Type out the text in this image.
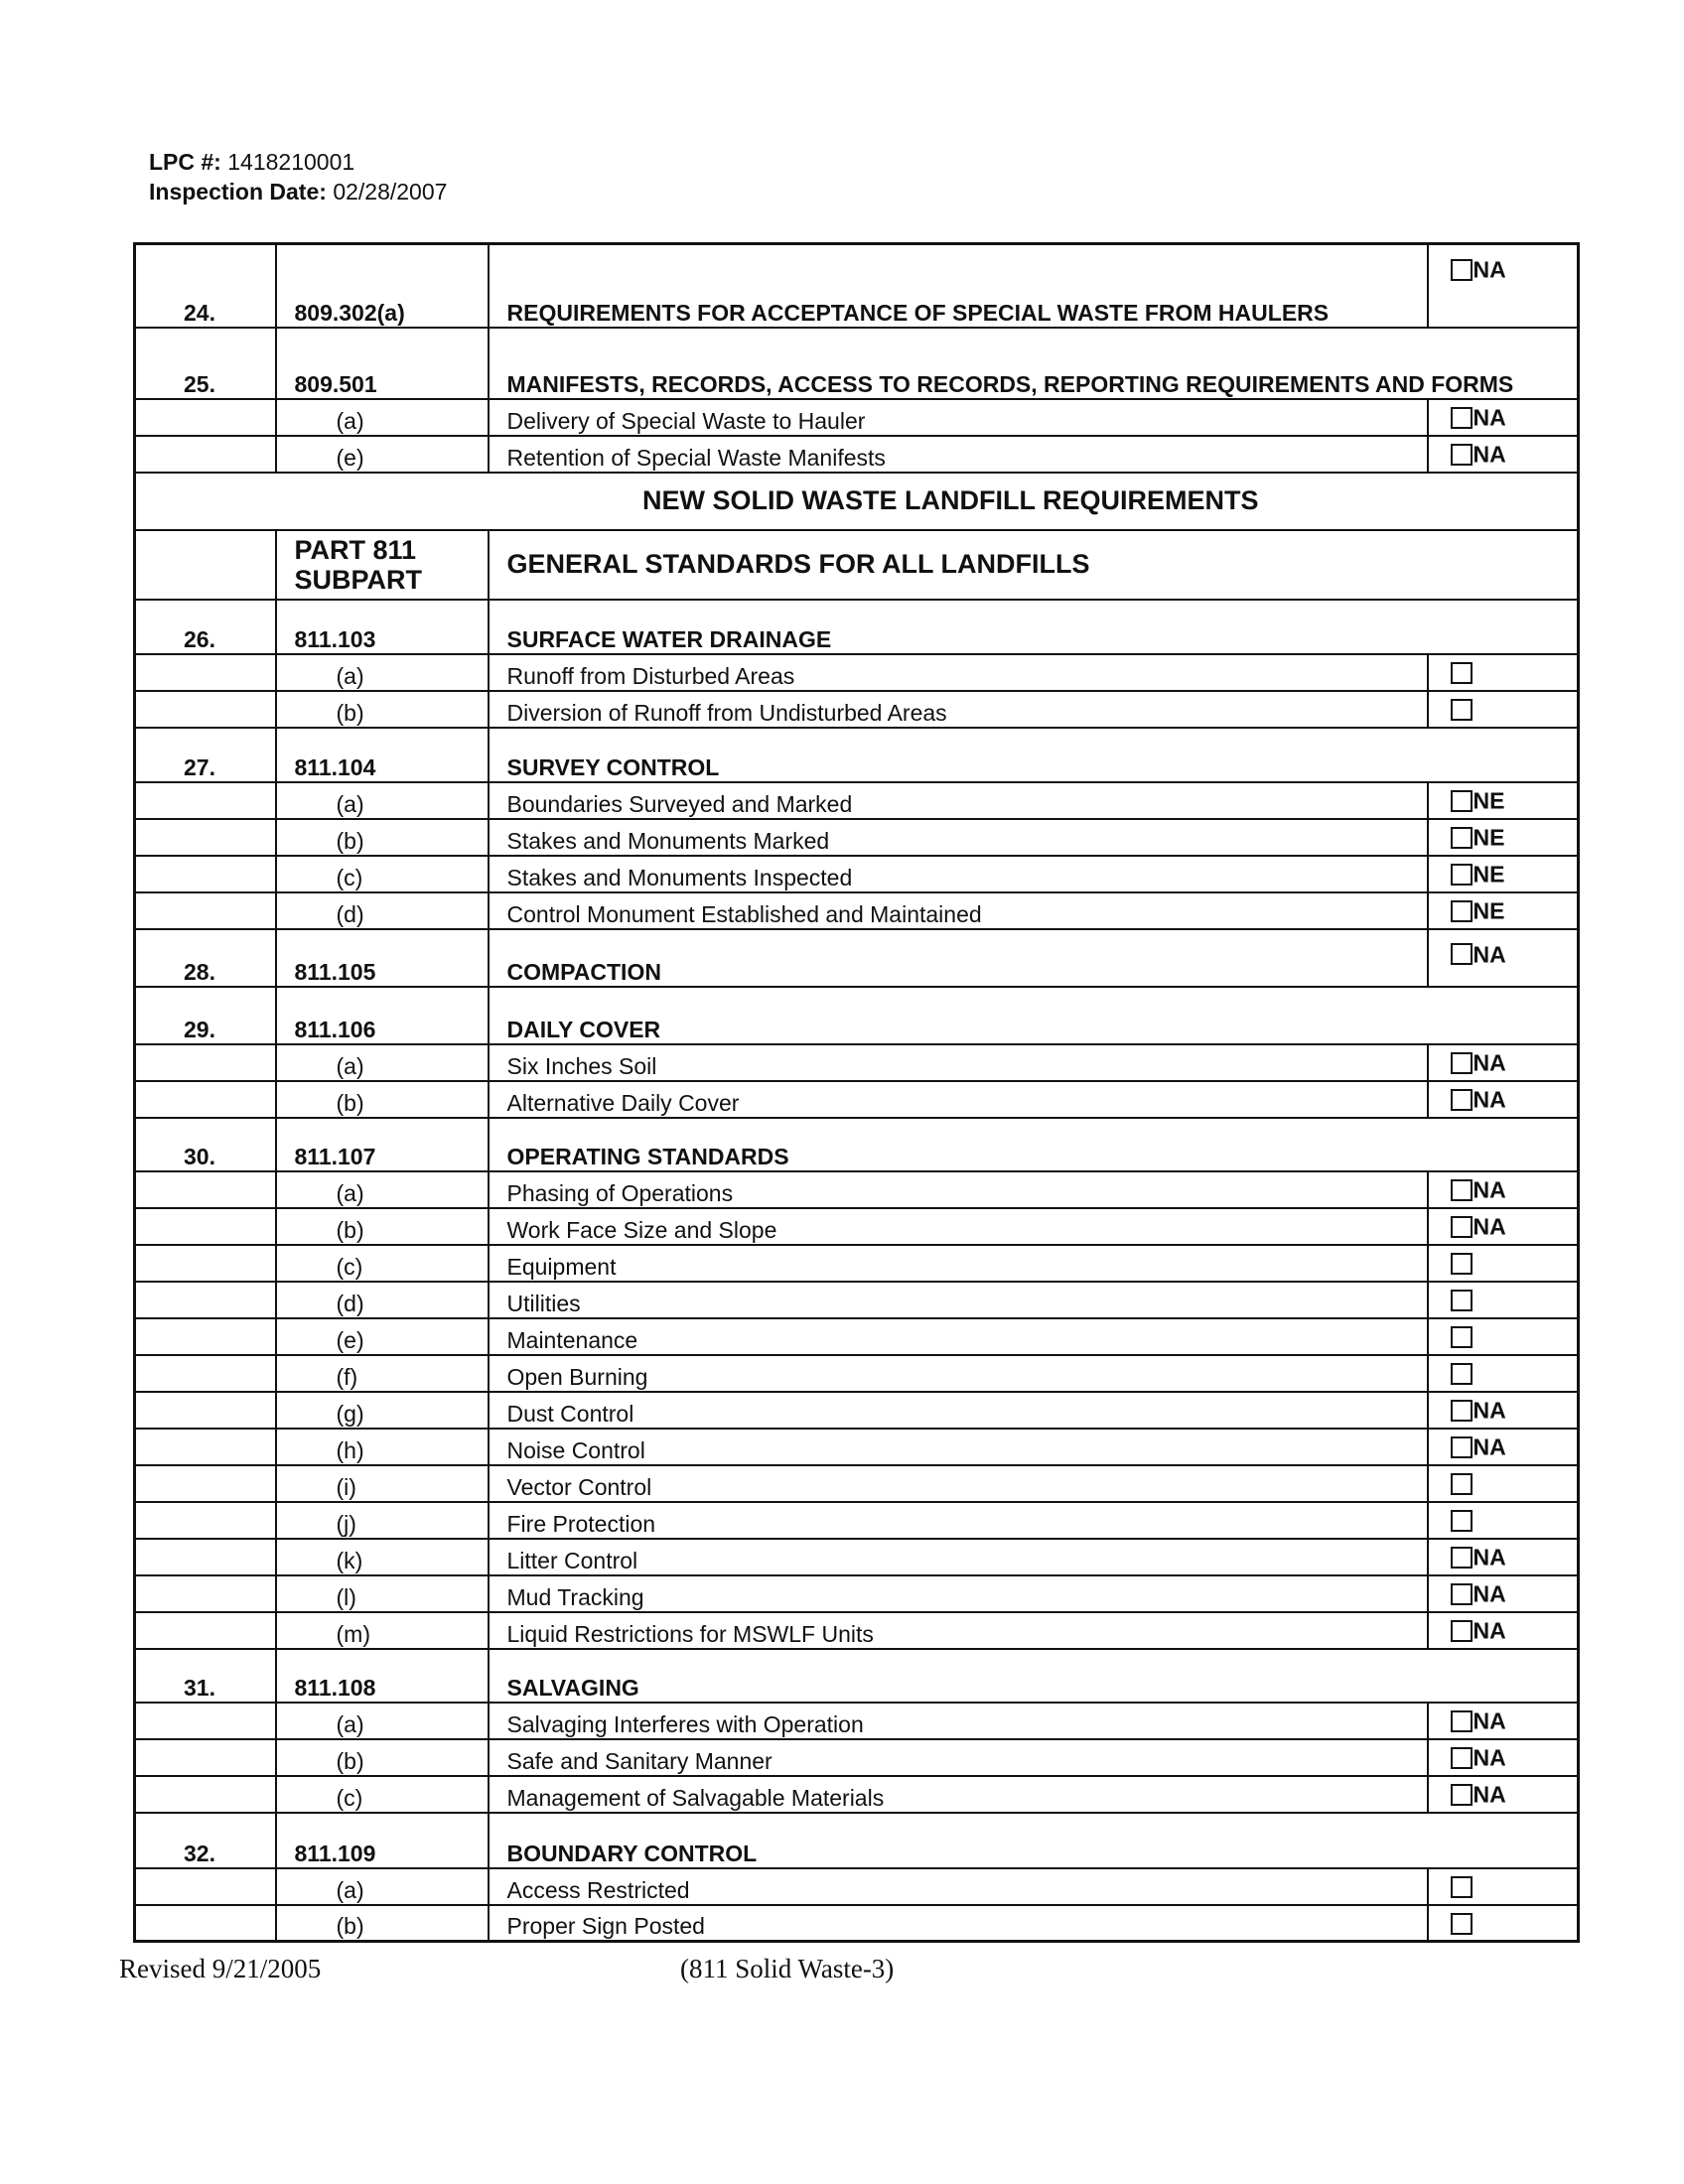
LPC #: 1418210001
Inspection Date: 02/28/2007
24.	809.302(a)	REQUIREMENTS FOR ACCEPTANCE OF SPECIAL WASTE FROM HAULERS	NA
25.	809.501	MANIFESTS, RECORDS, ACCESS TO RECORDS, REPORTING REQUIREMENTS AND FORMS	
	(a)	Delivery of Special Waste to Hauler	NA
	(e)	Retention of Special Waste Manifests	NA
NEW SOLID WASTE LANDFILL REQUIREMENTS			
	PART 811 SUBPART	GENERAL STANDARDS FOR ALL LANDFILLS	
26.	811.103	SURFACE WATER DRAINAGE	
	(a)	Runoff from Disturbed Areas	
	(b)	Diversion of Runoff from Undisturbed Areas	
27.	811.104	SURVEY CONTROL	
	(a)	Boundaries Surveyed and Marked	NE
	(b)	Stakes and Monuments Marked	NE
	(c)	Stakes and Monuments Inspected	NE
	(d)	Control Monument Established and Maintained	NE
28.	811.105	COMPACTION	NA
29.	811.106	DAILY COVER	
	(a)	Six Inches Soil	NA
	(b)	Alternative Daily Cover	NA
30.	811.107	OPERATING STANDARDS	
	(a)	Phasing of Operations	NA
	(b)	Work Face Size and Slope	NA
	(c)	Equipment	
	(d)	Utilities	
	(e)	Maintenance	
	(f)	Open Burning	
	(g)	Dust Control	NA
	(h)	Noise Control	NA
	(i)	Vector Control	
	(j)	Fire Protection	
	(k)	Litter Control	NA
	(l)	Mud Tracking	NA
	(m)	Liquid Restrictions for MSWLF Units	NA
31.	811.108	SALVAGING	
	(a)	Salvaging Interferes with Operation	NA
	(b)	Safe and Sanitary Manner	NA
	(c)	Management of Salvagable Materials	NA
32.	811.109	BOUNDARY CONTROL	
	(a)	Access Restricted	
	(b)	Proper Sign Posted	
Revised 9/21/2005	(811 Solid Waste-3)
